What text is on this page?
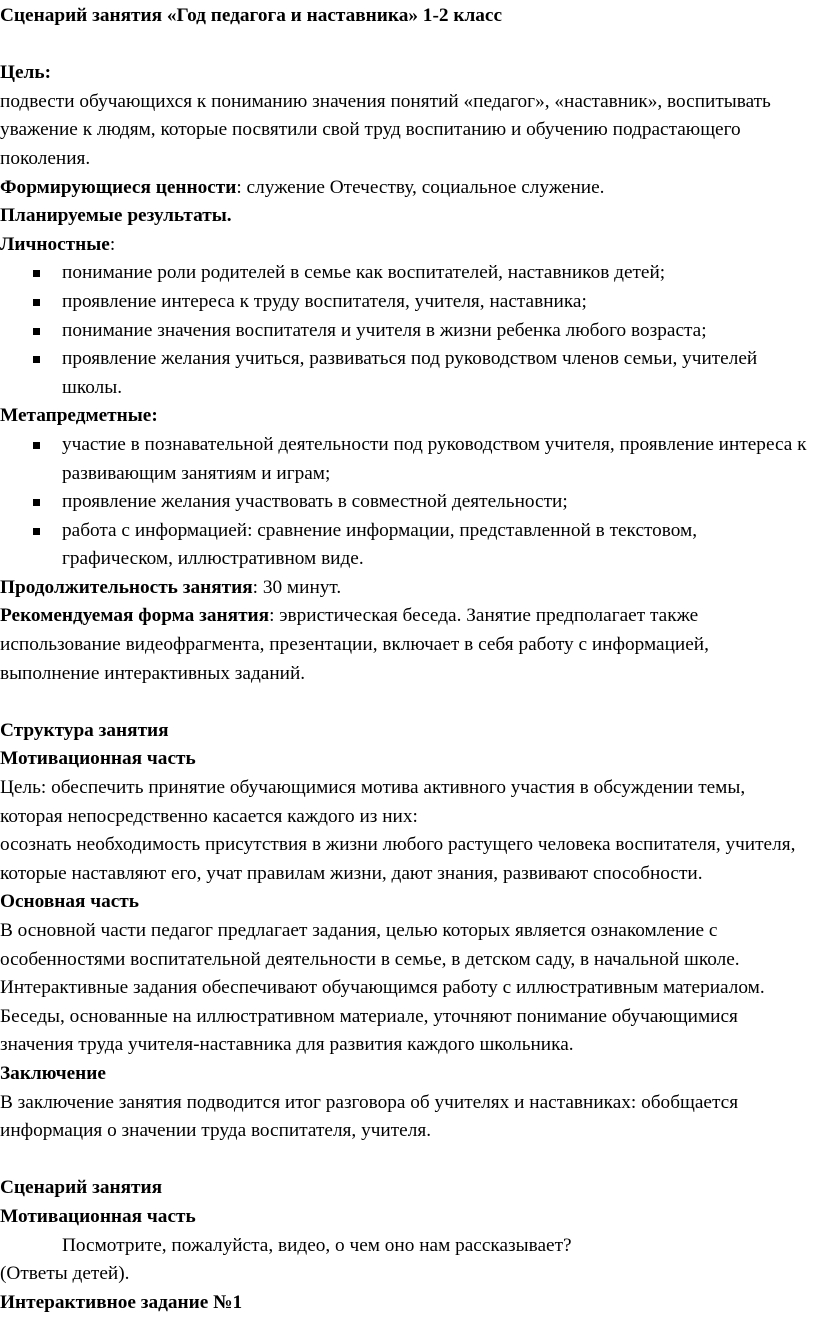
Сценарий занятия «Год педагога и наставника» 1-2 класс

Цель:

подвести обучающихся к пониманию значения понятий «педагог», «наставник», воспитывать уважение к людям, которые посвятили свой труд воспитанию и обучению подрастающего поколения.

Формирующиеся ценности: служение Отечеству, социальное служение.

Планируемые результаты.

Личностные:

понимание роли родителей в семье как воспитателей, наставников детей;
проявление интереса к труду воспитателя, учителя, наставника;
понимание значения воспитателя и учителя в жизни ребенка любого возраста;
проявление желания учиться, развиваться под руководством членов семьи, учителей школы.

Метапредметные:

участие в познавательной деятельности под руководством учителя, проявление интереса к развивающим занятиям и играм;
проявление желания участвовать в совместной деятельности;
работа с информацией: сравнение информации, представленной в текстовом, графическом, иллюстративном виде.

Продолжительность занятия: 30 минут.

Рекомендуемая форма занятия: эвристическая беседа. Занятие предполагает также использование видеофрагмента, презентации, включает в себя работу с информацией, выполнение интерактивных заданий.

Структура занятия

Мотивационная часть

Цель: обеспечить принятие обучающимися мотива активного участия в обсуждении темы, которая непосредственно касается каждого из них:

осознать необходимость присутствия в жизни любого растущего человека воспитателя, учителя, которые наставляют его, учат правилам жизни, дают знания, развивают способности.

Основная часть

В основной части педагог предлагает задания, целью которых является ознакомление с особенностями воспитательной деятельности в семье, в детском саду, в начальной школе. Интерактивные задания обеспечивают обучающимся работу с иллюстративным материалом. Беседы, основанные на иллюстративном материале, уточняют понимание обучающимися значения труда учителя-наставника для развития каждого школьника.

Заключение

В заключение занятия подводится итог разговора об учителях и наставниках: обобщается информация о значении труда воспитателя, учителя.

Сценарий занятия

Мотивационная часть

Посмотрите, пожалуйста, видео, о чем оно нам рассказывает?

(Ответы детей).

Интерактивное задание №1
